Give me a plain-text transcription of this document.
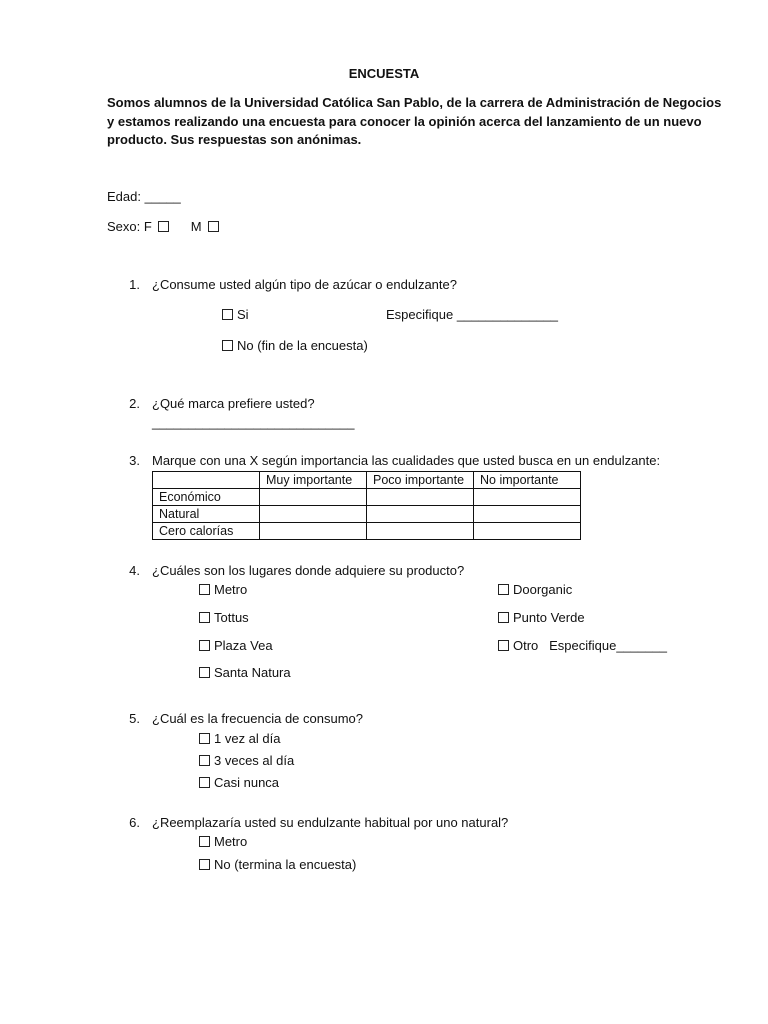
ENCUESTA
Somos alumnos de la Universidad Católica San Pablo, de la carrera de Administración de Negocios
y estamos realizando una encuesta para conocer la opinión acerca del lanzamiento de un nuevo
producto. Sus respuestas son anónimas.
Edad: _____
Sexo: F	M
1. ¿Consume usted algún tipo de azúcar o endulzante?
Si	Especifique ______________
No (fin de la encuesta)
2. ¿Qué marca prefiere usted?
____________________________
3. Marque con una X según importancia las cualidades que usted busca en un endulzante:
	Muy importante	Poco importante	No importante
Económico			
Natural			
Cero calorías			
4. ¿Cuáles son los lugares donde adquiere su producto?
Metro
Tottus
Plaza Vea
Santa Natura
Doorganic
Punto Verde
Otro   Especifique_______
5. ¿Cuál es la frecuencia de consumo?
1 vez al día
3 veces al día
Casi nunca
6. ¿Reemplazaría usted su endulzante habitual por uno natural?
Metro
No (termina la encuesta)
